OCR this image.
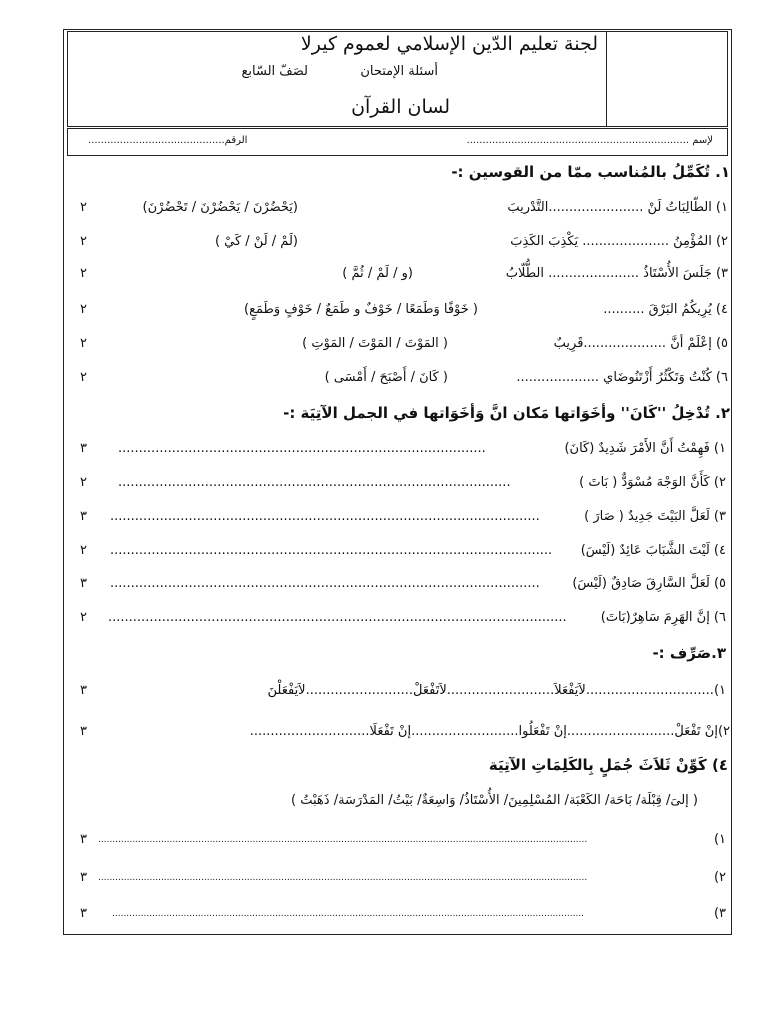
لجنة تعليم الدّين الإسلامي لعموم كيرلا
أسئلة الإمتحان
لصَفّ السّابع
لسان القرآن
لإسم ......................................................................
الرقم...........................................
١. تُكَمِّلُ بالمُناسب ممّا من القوسين :-
١) الطّالِبَاتُ لَنْ .......................التَّدْريبَ
(يَحْضُرْنَ / يَحْضُرْنَ / تَحْضُرْنَ)
٢
٢) المُؤْمِنُ ..................... يَكْذِبَ الكَذِبَ
(لَمْ / لَنْ / كَيْ )
٢
٣) جَلَسَ الأُسْتَاذُ ...................... الطُّلّابُ
(و / لَمْ / ثُمَّ )
٢
٤) يُرِيكُمُ البَرْقَ ..........
( خَوْفًا وَطَمَعًا / خَوْفٌ و طَمَعٌ / خَوْفٍ وَطَمَعٍ)
٢
٥) إعْلَمْ أنَّ ....................قَرِيبٌ
( المَوْتَ / المَوْتَ / المَوْتِ )
٢
٦) كُنْتُ وَتَكْثُرُ أَزْتَنُوضَاي ....................
( كَانَ / أَصْبَحَ / أَمْسَى )
٢
٢. تُدْخِلُ ''كَانَ'' وأخَوَاتها مَكان انَّ وَأخَوَاتها في الجمل الآتِيَة :-
١) فَهِمْتُ أَنَّ الأَمْرَ شَدِيدٌ (كَانَ)
.........................................................................................
٣
٢) كَأَنَّ الوَجْهَ مُسْوَدٌّ ( بَاتَ )
...............................................................................................
٢
٣) لَعَلَّ البَيْتَ جَدِيدٌ ( صَارَ )
........................................................................................................
٣
٤) لَيْتَ الشَّبَابَ عَائِدٌ (لَيْسَ)
...........................................................................................................
٢
٥) لَعَلَّ السَّارِقَ صَادِقٌ (لَيْسَ)
........................................................................................................
٣
٦) إنَّ الهَرِمَ سَاهِرٌ(بَاتَ)
...............................................................................................................
٢
٣.صَرِّف :-
١)...............................لاَيَفْعَلاَ..........................لاَتَفْعَلْ..........................لاَيَفْعَلْنَ
٣
٢)إنْ تَفْعَلْ..........................إنْ تَفْعَلُوا..........................إنْ تَفْعَلَا.............................
٣
٤) كَوِّنْ ثَلاَثَ جُمَلٍ بِالكَلِمَاتِ الآتِيَة
( إلىَ/ قِبْلَة/ بَاحَة/ الكَعْبَة/ المُسْلِمِينَ/ الأُسْتَاذُ/ وَاسِعَةٌ/ بَيْتُ/ المَدْرَسَة/ ذَهَبْتُ )
١)
...........................................................................................................................................................................
٣
٢)
...........................................................................................................................................................................
٣
٣)
.....................................................................................................................................................................
٣
